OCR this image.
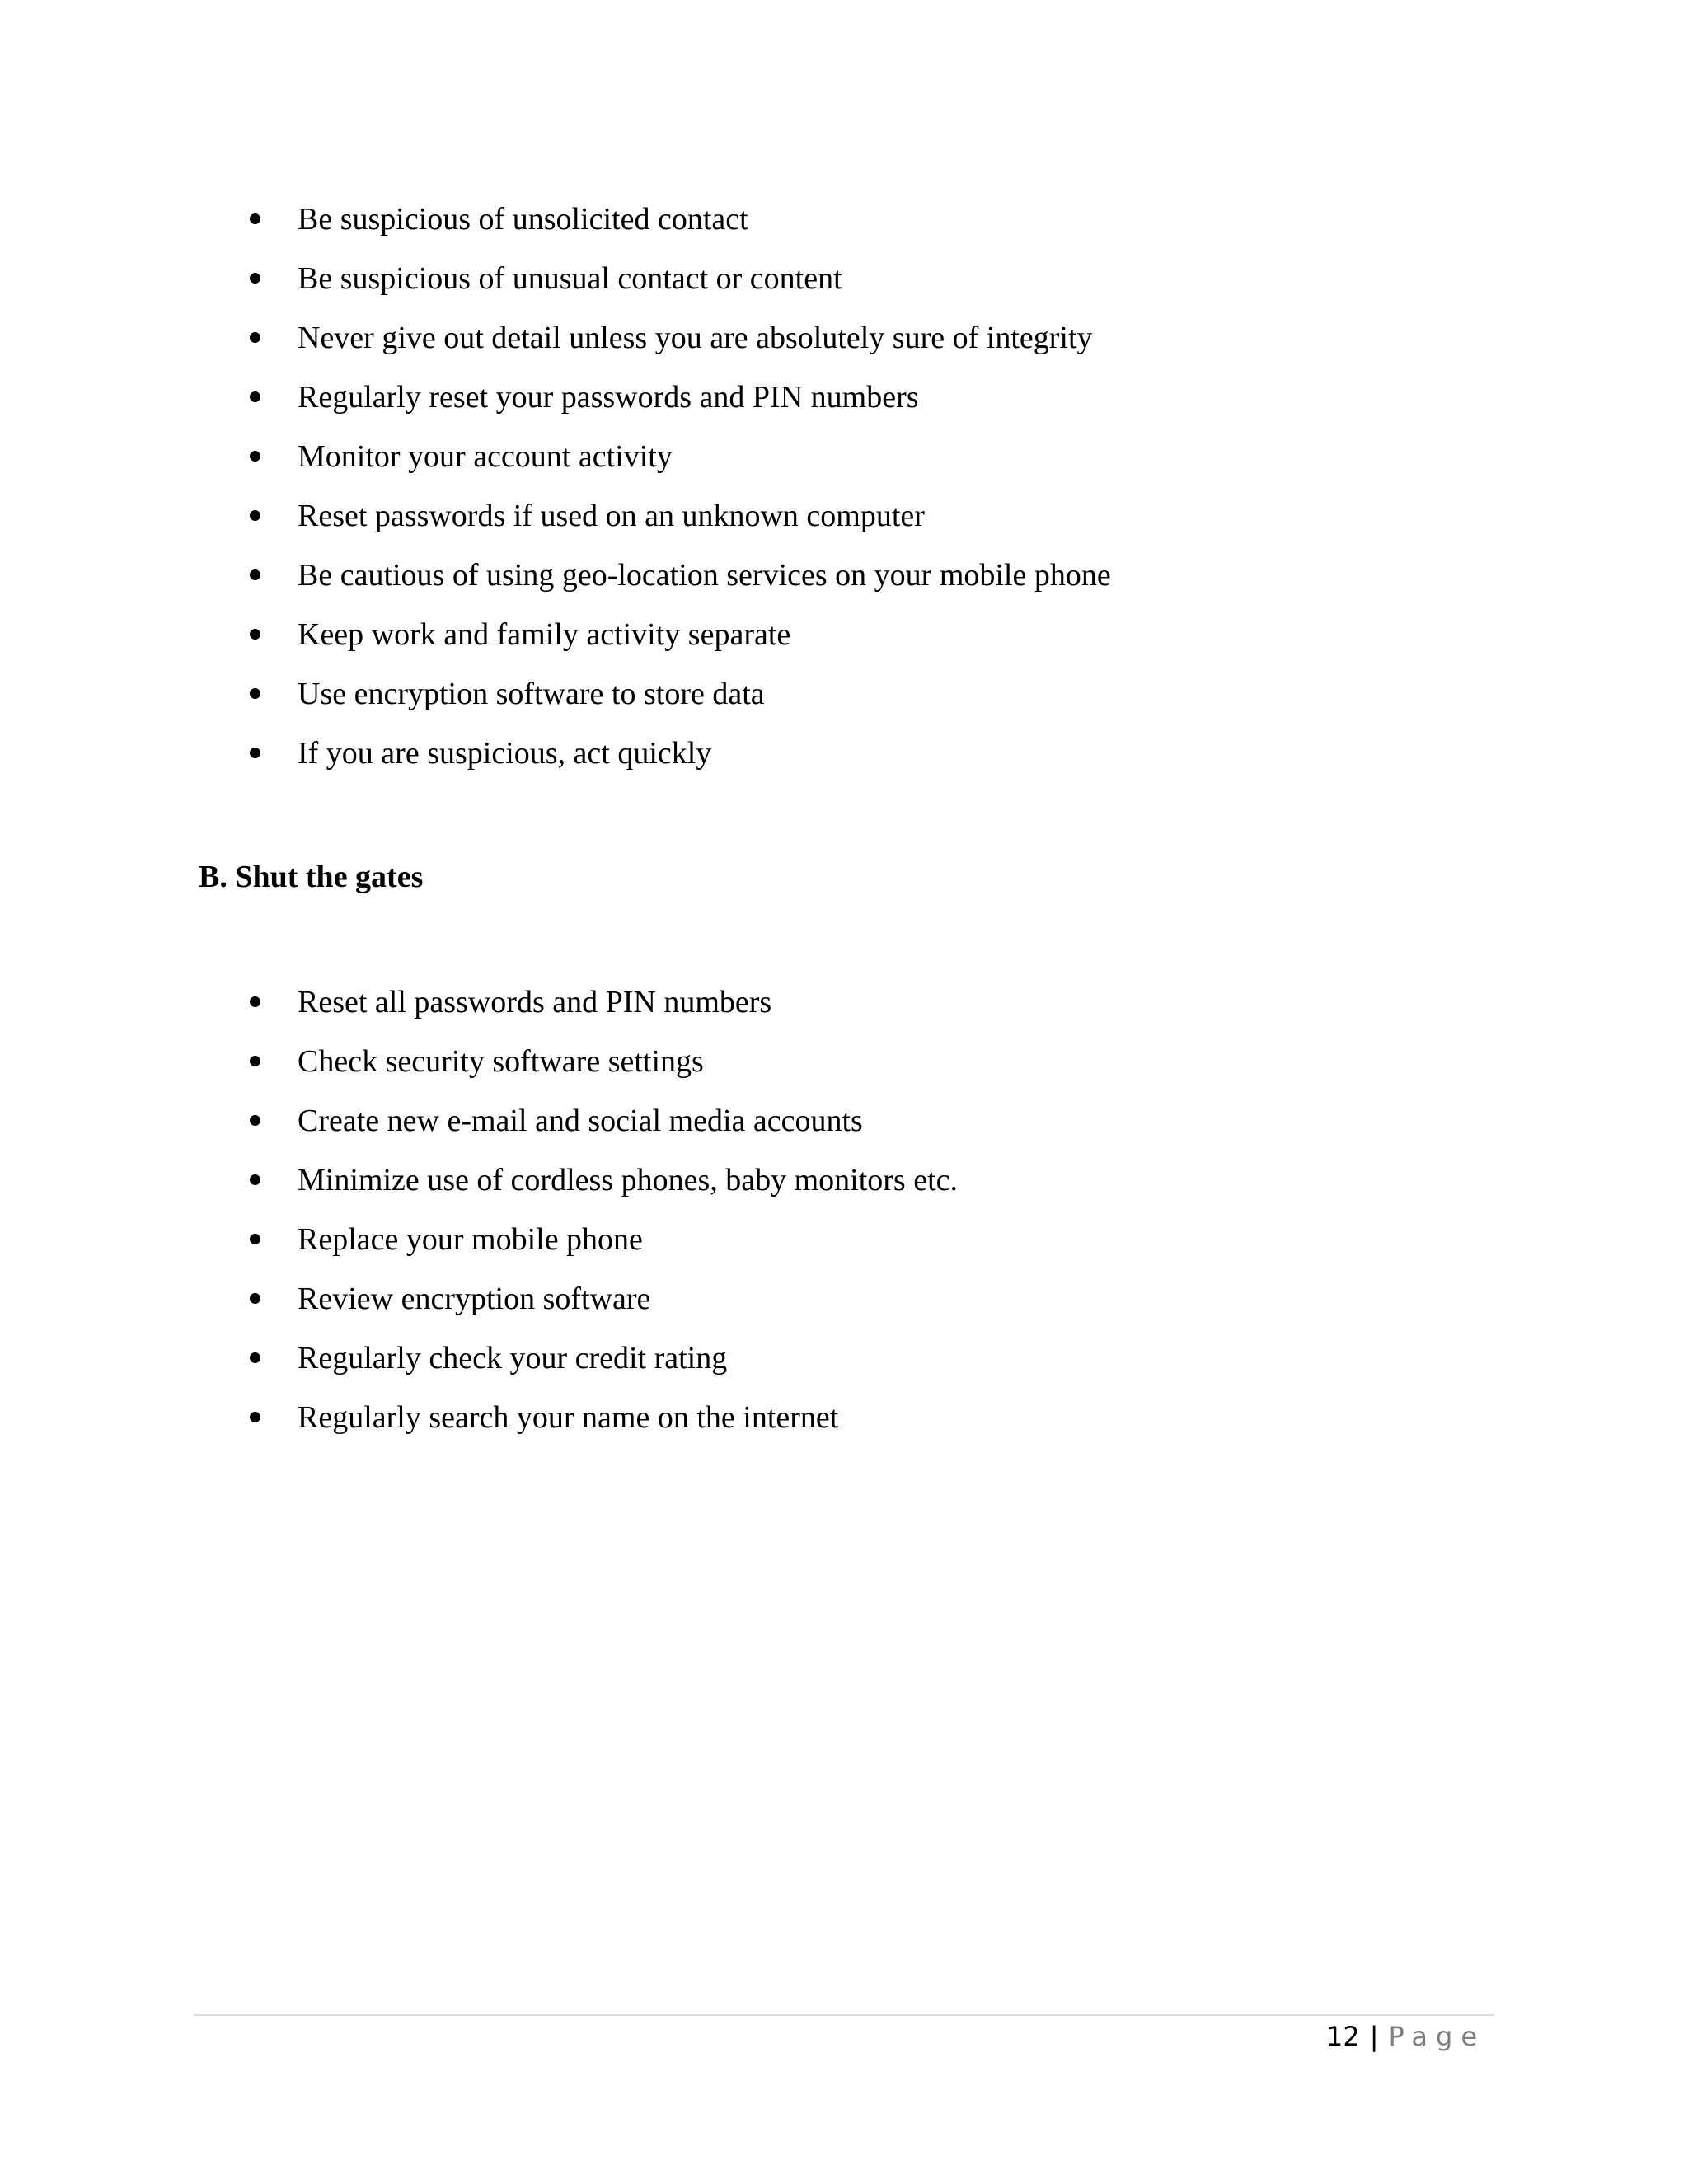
Be suspicious of unsolicited contact
Be suspicious of unusual contact or content
Never give out detail unless you are absolutely sure of integrity
Regularly reset your passwords and PIN numbers
Monitor your account activity
Reset passwords if used on an unknown computer
Be cautious of using geo-location services on your mobile phone
Keep work and family activity separate
Use encryption software to store data
If you are suspicious, act quickly
B. Shut the gates
Reset all passwords and PIN numbers
Check security software settings
Create new e-mail and social media accounts
Minimize use of cordless phones, baby monitors etc.
Replace your mobile phone
Review encryption software
Regularly check your credit rating
Regularly search your name on the internet
12 | Page
